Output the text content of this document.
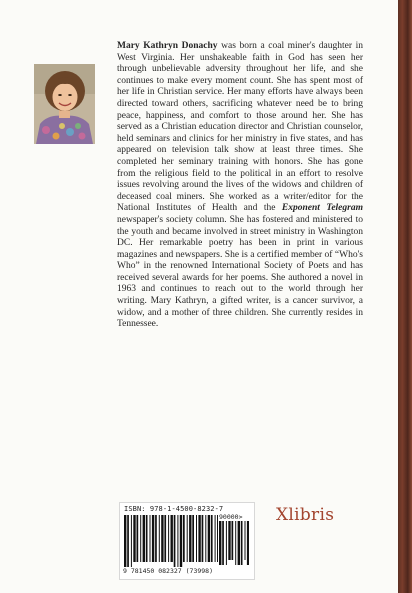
Mary Kathryn Donachy was born a coal miner's daughter in West Virginia. Her unshakeable faith in God has seen her through unbelievable adversity throughout her life, and she continues to make every moment count. She has spent most of her life in Christian service. Her many efforts have always been directed toward others, sacrificing whatever need be to bring peace, happiness, and comfort to those around her. She has served as a Christian education director and Christian counselor, held seminars and clinics for her ministry in five states, and has appeared on television talk show at least three times. She completed her seminary training with honors. She has gone from the religious field to the political in an effort to resolve issues revolving around the lives of the widows and children of deceased coal miners. She worked as a writer/editor for the National Institutes of Health and the Exponent Telegram newspaper's society column. She has fostered and ministered to the youth and became involved in street ministry in Washington DC. Her remarkable poetry has been in print in various magazines and newspapers. She is a certified member of “Who's Who” in the renowned International Society of Poets and has received several awards for her poems. She authored a novel in 1963 and continues to reach out to the world through her writing. Mary Kathryn, a gifted writer, is a cancer survivor, a widow, and a mother of three children. She currently resides in Tennessee.

ISBN: 978-1-4500-8232-7
90000>
9 781450 082327 (73998)
Xlibris
